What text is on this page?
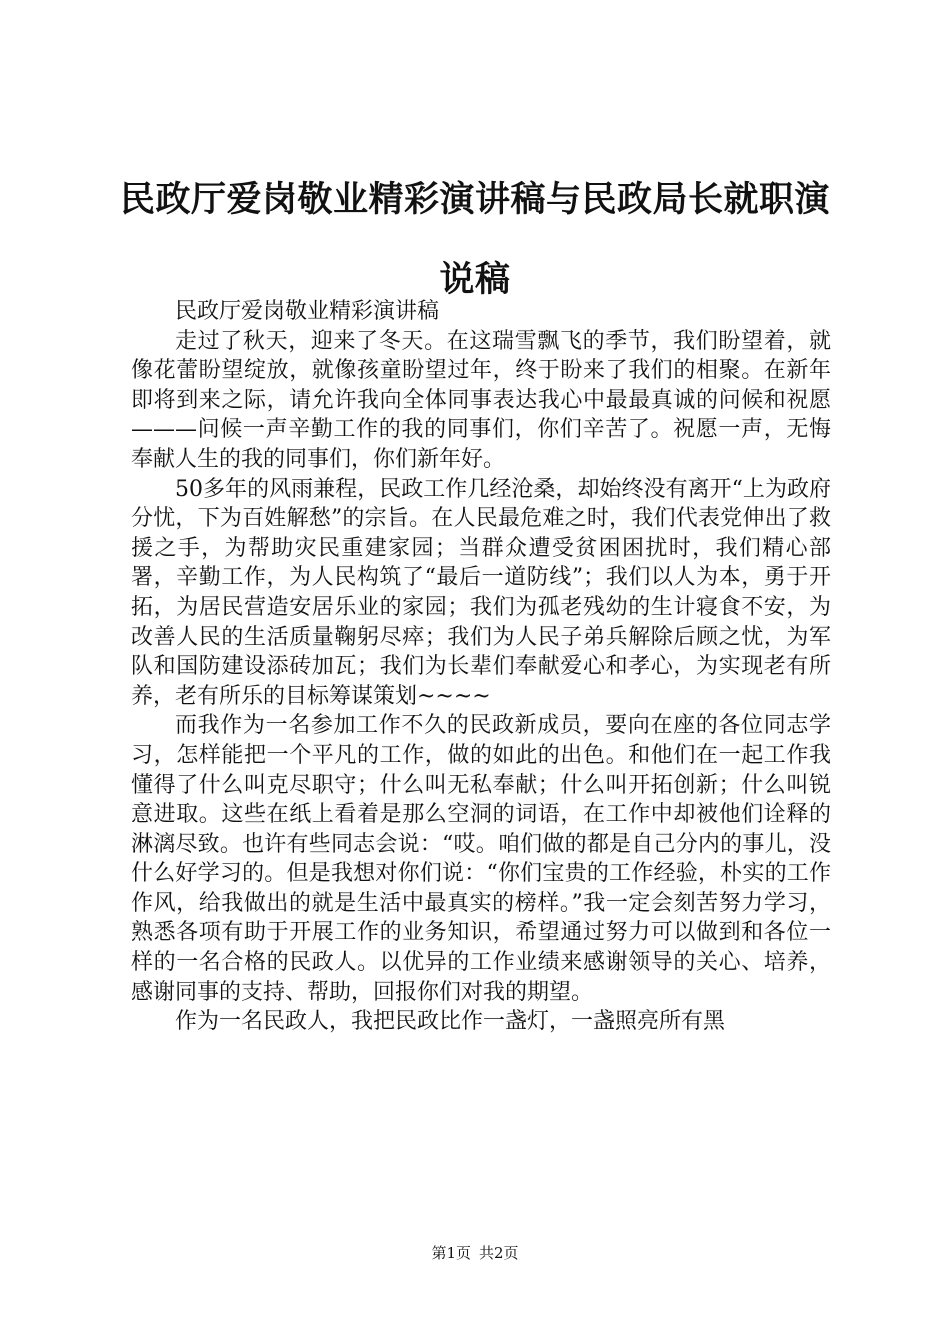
民政厅爱岗敬业精彩演讲稿与民政局长就职演说稿

民政厅爱岗敬业精彩演讲稿

走过了秋天，迎来了冬天。在这瑞雪飘飞的季节，我们盼望着，就像花蕾盼望绽放，就像孩童盼望过年，终于盼来了我们的相聚。在新年即将到来之际，请允许我向全体同事表达我心中最最真诚的问候和祝愿———问候一声辛勤工作的我的同事们，你们辛苦了。祝愿一声，无悔奉献人生的我的同事们，你们新年好。

50多年的风雨兼程，民政工作几经沧桑，却始终没有离开“上为政府分忧，下为百姓解愁”的宗旨。在人民最危难之时，我们代表党伸出了救援之手，为帮助灾民重建家园；当群众遭受贫困困扰时，我们精心部署，辛勤工作，为人民构筑了“最后一道防线”；我们以人为本，勇于开拓，为居民营造安居乐业的家园；我们为孤老残幼的生计寝食不安，为改善人民的生活质量鞠躬尽瘁；我们为人民子弟兵解除后顾之忧，为军队和国防建设添砖加瓦；我们为长辈们奉献爱心和孝心，为实现老有所养，老有所乐的目标筹谋策划~~~~

而我作为一名参加工作不久的民政新成员，要向在座的各位同志学习，怎样能把一个平凡的工作，做的如此的出色。和他们在一起工作我懂得了什么叫克尽职守；什么叫无私奉献；什么叫开拓创新；什么叫锐意进取。这些在纸上看着是那么空洞的词语，在工作中却被他们诠释的淋漓尽致。也许有些同志会说：“哎。咱们做的都是自己分内的事儿，没什么好学习的。但是我想对你们说：“你们宝贵的工作经验，朴实的工作作风，给我做出的就是生活中最真实的榜样。”我一定会刻苦努力学习，熟悉各项有助于开展工作的业务知识，希望通过努力可以做到和各位一样的一名合格的民政人。以优异的工作业绩来感谢领导的关心、培养，感谢同事的支持、帮助，回报你们对我的期望。

作为一名民政人，我把民政比作一盏灯，一盏照亮所有黑

第1页 共2页
